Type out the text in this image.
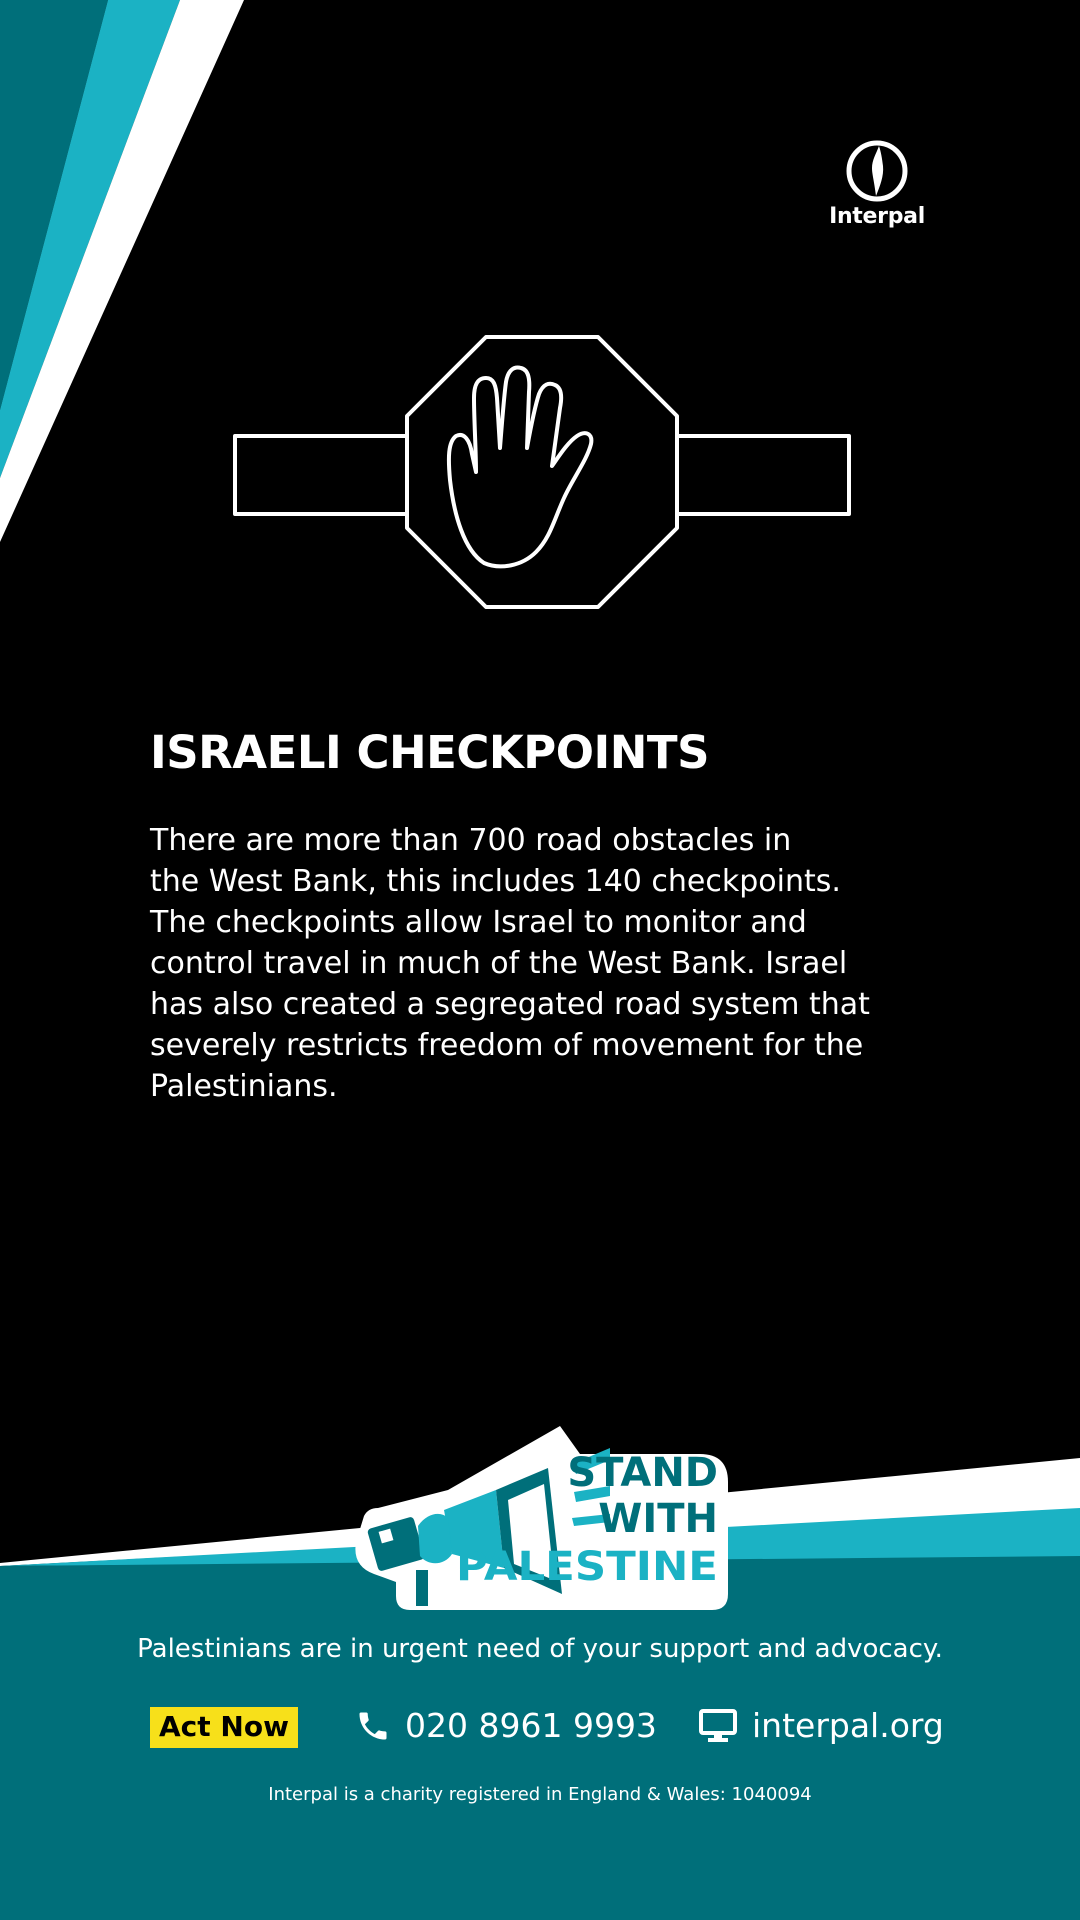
Interpal
ISRAELI CHECKPOINTS

There are more than 700 road obstacles in
the West Bank, this includes 140 checkpoints.
The checkpoints allow Israel to monitor and
control travel in much of the West Bank. Israel
has also created a segregated road system that
severely restricts freedom of movement for the
Palestinians.

STAND
WITH
PALESTINE
Palestinians are in urgent need of your support and advocacy.
Act Now	020 8961 9993	interpal.org
Interpal is a charity registered in England & Wales: 1040094
